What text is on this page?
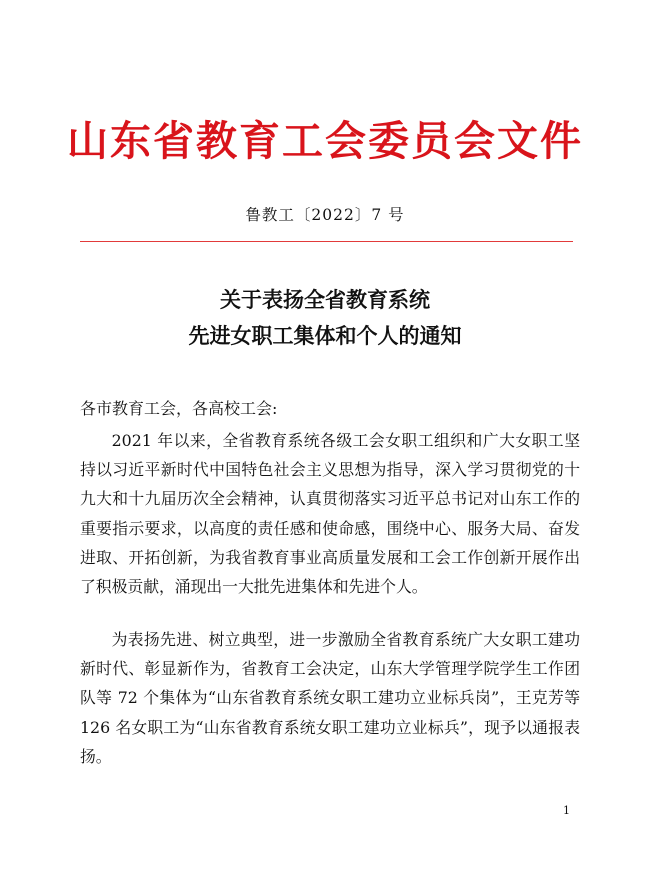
山东省教育工会委员会文件
鲁教工〔2022〕7 号
关于表扬全省教育系统
先进女职工集体和个人的通知
各市教育工会，各高校工会:
2021 年以来，全省教育系统各级工会女职工组织和广大女职工坚持以习近平新时代中国特色社会主义思想为指导，深入学习贯彻党的十九大和十九届历次全会精神，认真贯彻落实习近平总书记对山东工作的重要指示要求，以高度的责任感和使命感，围绕中心、服务大局、奋发进取、开拓创新，为我省教育事业高质量发展和工会工作创新开展作出了积极贡献，涌现出一大批先进集体和先进个人。
为表扬先进、树立典型，进一步激励全省教育系统广大女职工建功新时代、彰显新作为，省教育工会决定，山东大学管理学院学生工作团队等 72 个集体为“山东省教育系统女职工建功立业标兵岗”，王克芳等 126 名女职工为“山东省教育系统女职工建功立业标兵”，现予以通报表扬。
1
